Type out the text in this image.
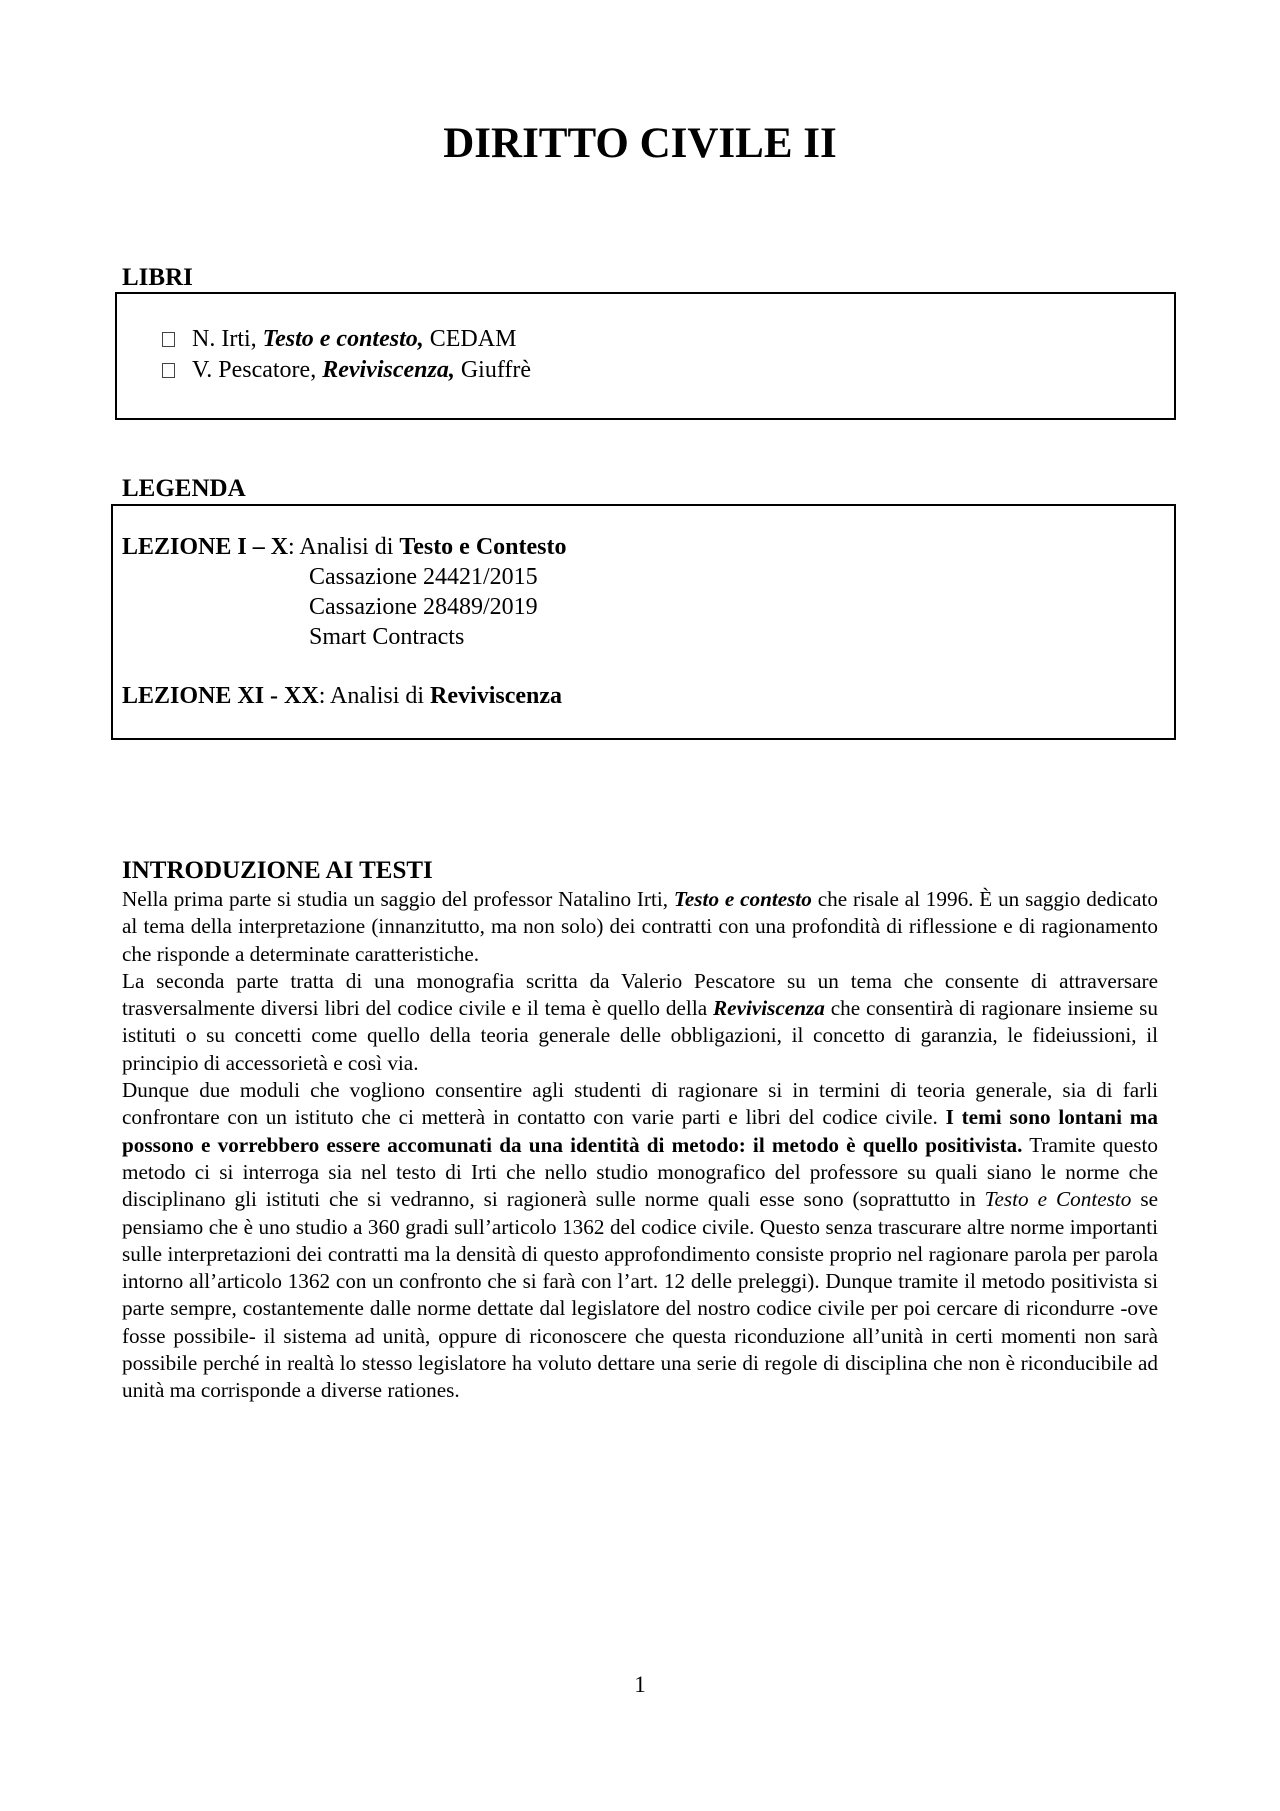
DIRITTO CIVILE II
LIBRI
N. Irti, Testo e contesto, CEDAM
V. Pescatore, Reviviscenza, Giuffrè
LEGENDA
LEZIONE I – X: Analisi di Testo e Contesto
Cassazione 24421/2015
Cassazione 28489/2019
Smart Contracts
LEZIONE XI - XX: Analisi di Reviviscenza
INTRODUZIONE AI TESTI

Nella prima parte si studia un saggio del professor Natalino Irti, Testo e contesto che risale al 1996. È un saggio dedicato al tema della interpretazione (innanzitutto, ma non solo) dei contratti con una profondità di riflessione e di ragionamento che risponde a determinate caratteristiche.

La seconda parte tratta di una monografia scritta da Valerio Pescatore su un tema che consente di attraversare trasversalmente diversi libri del codice civile e il tema è quello della Reviviscenza che consentirà di ragionare insieme su istituti o su concetti come quello della teoria generale delle obbligazioni, il concetto di garanzia, le fideiussioni, il principio di accessorietà e così via.

Dunque due moduli che vogliono consentire agli studenti di ragionare si in termini di teoria generale, sia di farli confrontare con un istituto che ci metterà in contatto con varie parti e libri del codice civile. I temi sono lontani ma possono e vorrebbero essere accomunati da una identità di metodo: il metodo è quello positivista. Tramite questo metodo ci si interroga sia nel testo di Irti che nello studio monografico del professore su quali siano le norme che disciplinano gli istituti che si vedranno, si ragionerà sulle norme quali esse sono (soprattutto in Testo e Contesto se pensiamo che è uno studio a 360 gradi sull’articolo 1362 del codice civile. Questo senza trascurare altre norme importanti sulle interpretazioni dei contratti ma la densità di questo approfondimento consiste proprio nel ragionare parola per parola intorno all’articolo 1362 con un confronto che si farà con l’art. 12 delle preleggi). Dunque tramite il metodo positivista si parte sempre, costantemente dalle norme dettate dal legislatore del nostro codice civile per poi cercare di ricondurre -ove fosse possibile- il sistema ad unità, oppure di riconoscere che questa riconduzione all’unità in certi momenti non sarà possibile perché in realtà lo stesso legislatore ha voluto dettare una serie di regole di disciplina che non è riconducibile ad unità ma corrisponde a diverse rationes.

1
